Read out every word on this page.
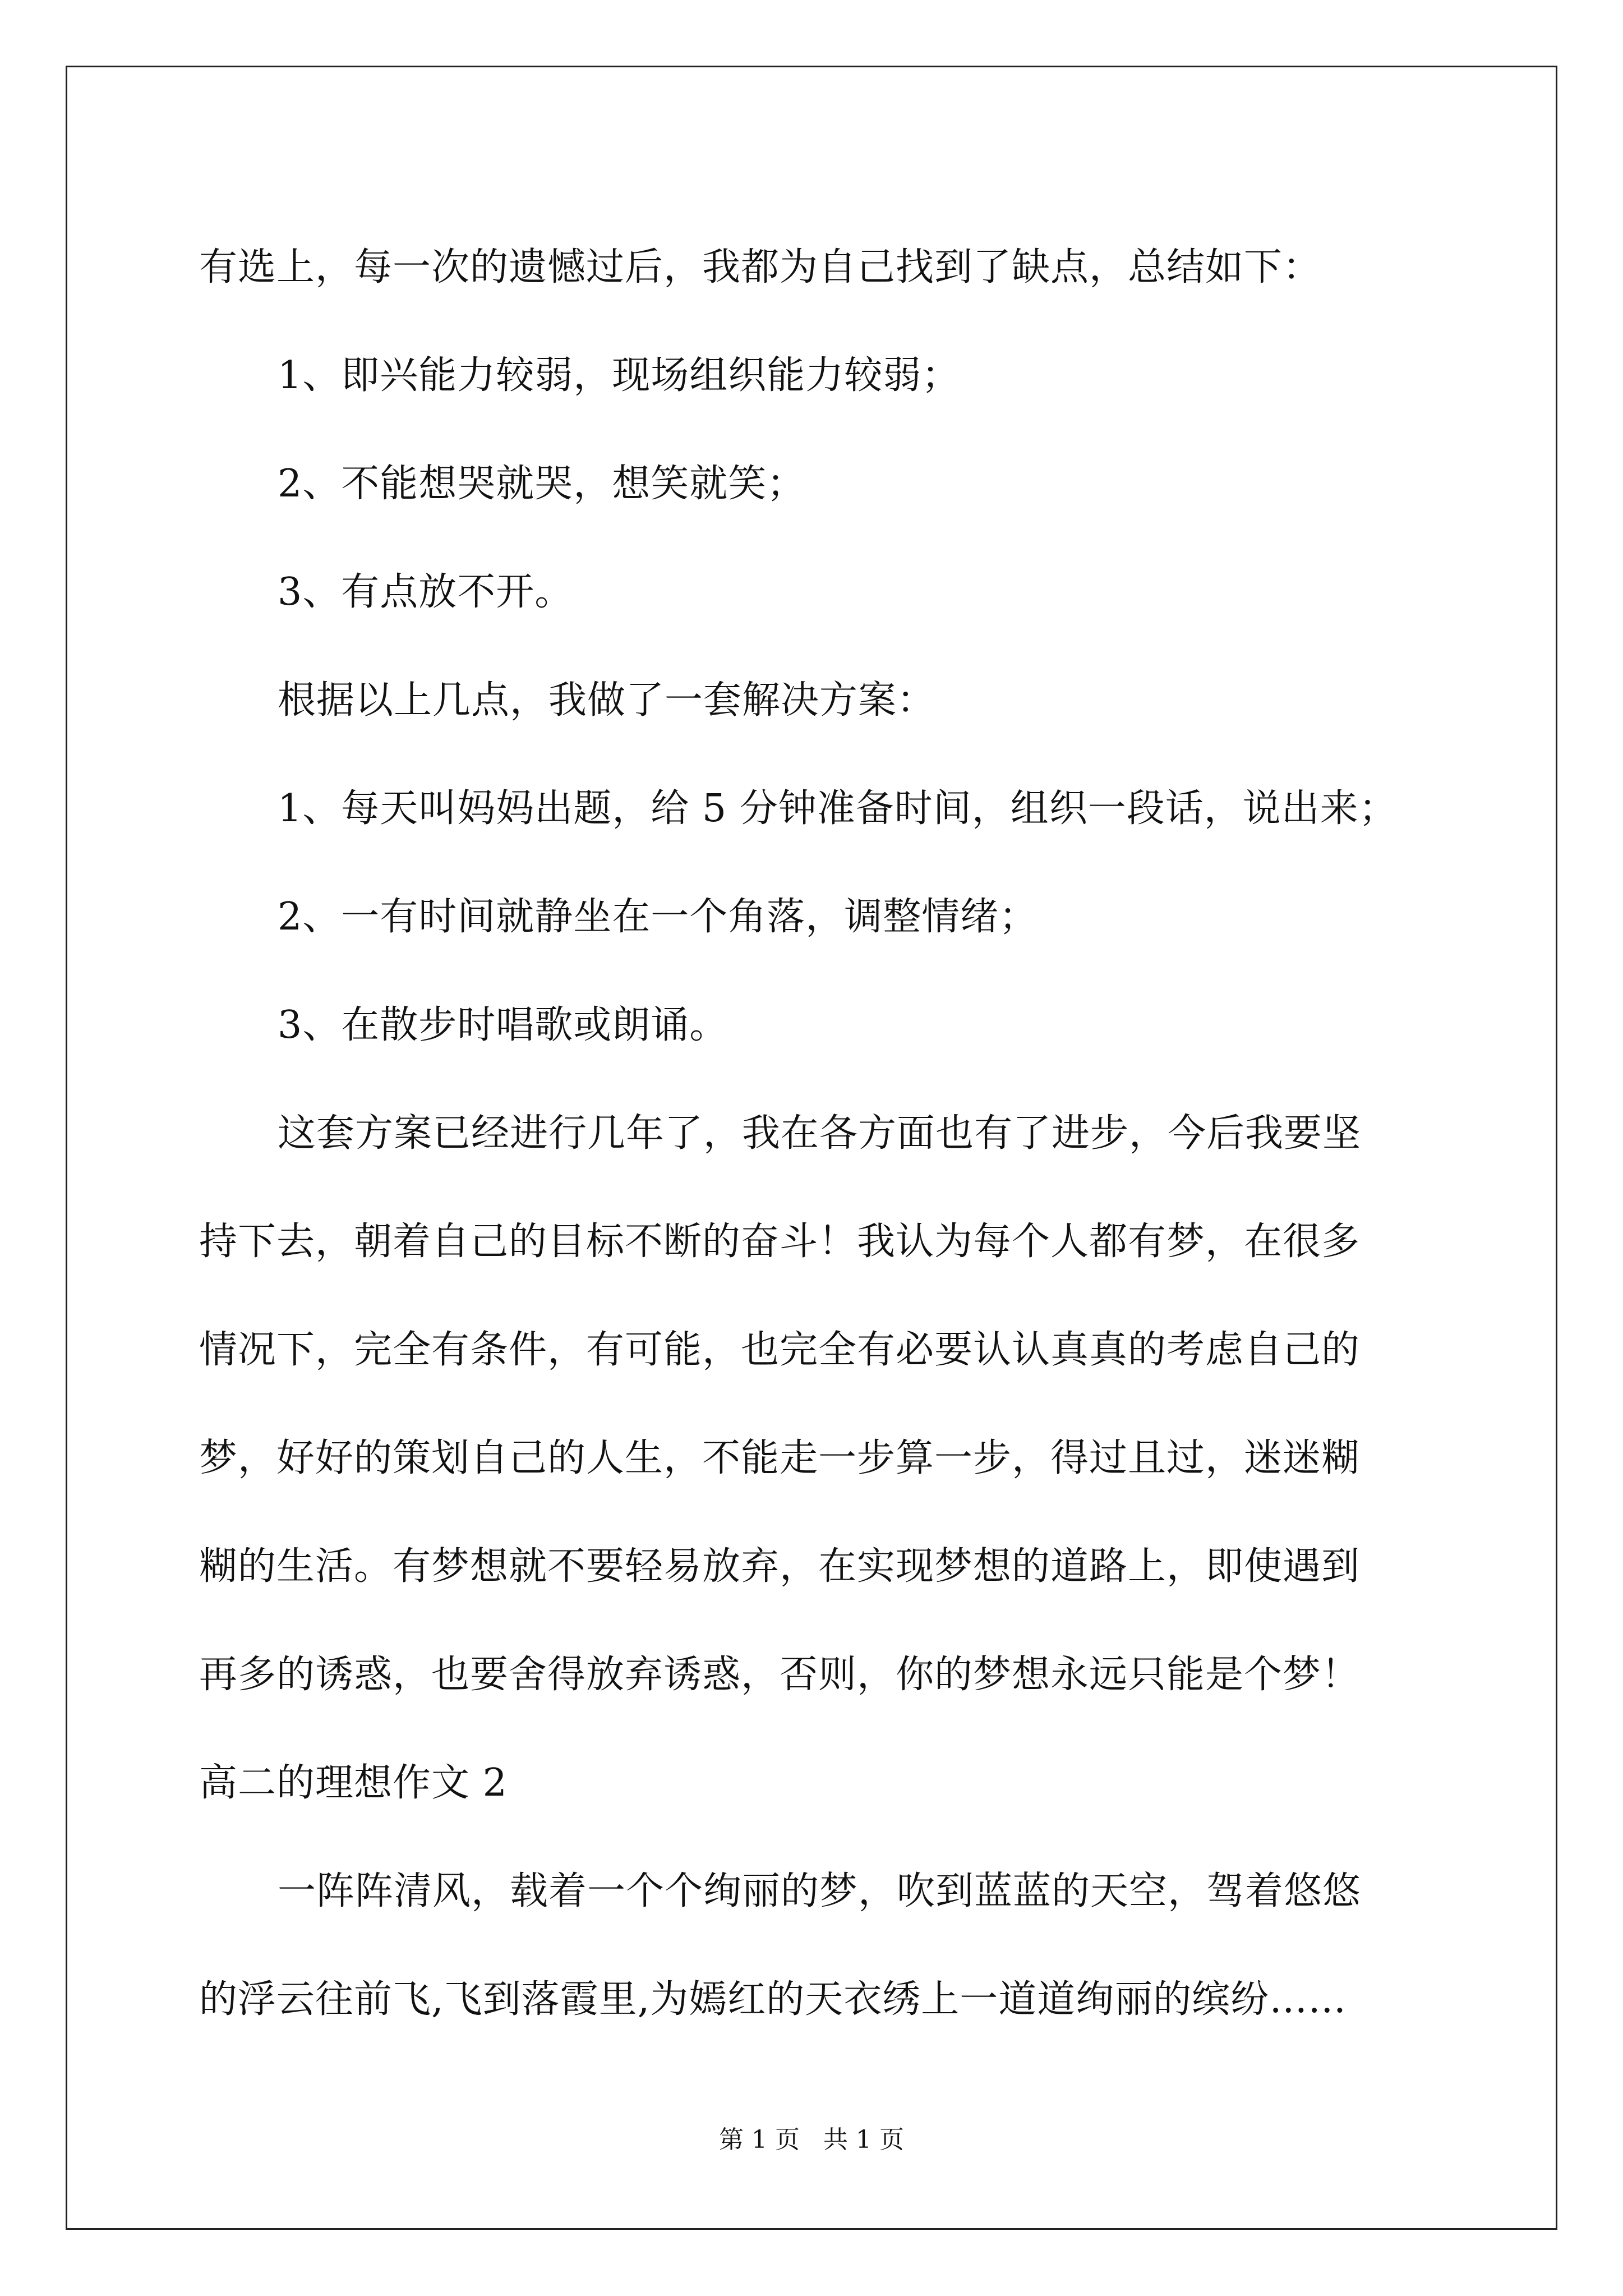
有选上，每一次的遗憾过后，我都为自己找到了缺点，总结如下：
1、即兴能力较弱，现场组织能力较弱；
2、不能想哭就哭，想笑就笑；
3、有点放不开。
根据以上几点，我做了一套解决方案：
1、每天叫妈妈出题，给 5 分钟准备时间，组织一段话，说出来；
2、一有时间就静坐在一个角落，调整情绪；
3、在散步时唱歌或朗诵。
这套方案已经进行几年了，我在各方面也有了进步，今后我要坚
持下去，朝着自己的目标不断的奋斗！我认为每个人都有梦，在很多
情况下，完全有条件，有可能，也完全有必要认认真真的考虑自己的
梦，好好的策划自己的人生，不能走一步算一步，得过且过，迷迷糊
糊的生活。有梦想就不要轻易放弃，在实现梦想的道路上，即使遇到
再多的诱惑，也要舍得放弃诱惑，否则，你的梦想永远只能是个梦！
高二的理想作文 2
一阵阵清风，载着一个个绚丽的梦，吹到蓝蓝的天空，驾着悠悠
的浮云往前飞,飞到落霞里,为嫣红的天衣绣上一道道绚丽的缤纷……
第 1 页 共 1 页
